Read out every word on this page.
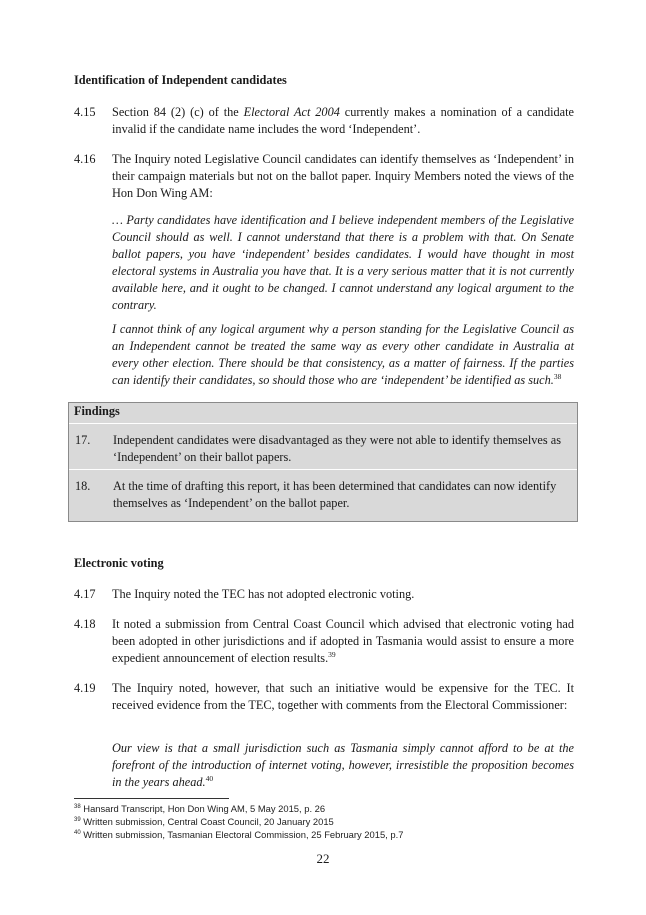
Identification of Independent candidates
4.15 Section 84 (2) (c) of the Electoral Act 2004 currently makes a nomination of a candidate invalid if the candidate name includes the word ‘Independent’.
4.16 The Inquiry noted Legislative Council candidates can identify themselves as ‘Independent’ in their campaign materials but not on the ballot paper. Inquiry Members noted the views of the Hon Don Wing AM:
… Party candidates have identification and I believe independent members of the Legislative Council should as well. I cannot understand that there is a problem with that. On Senate ballot papers, you have ‘independent’ besides candidates. I would have thought in most electoral systems in Australia you have that. It is a very serious matter that it is not currently available here, and it ought to be changed. I cannot understand any logical argument to the contrary.
I cannot think of any logical argument why a person standing for the Legislative Council as an Independent cannot be treated the same way as every other candidate in Australia at every other election. There should be that consistency, as a matter of fairness. If the parties can identify their candidates, so should those who are ‘independent’ be identified as such.$^{38}$
Findings
17. Independent candidates were disadvantaged as they were not able to identify themselves as ‘Independent’ on their ballot papers.
18. At the time of drafting this report, it has been determined that candidates can now identify themselves as ‘Independent’ on the ballot paper.
Electronic voting
4.17 The Inquiry noted the TEC has not adopted electronic voting.
4.18 It noted a submission from Central Coast Council which advised that electronic voting had been adopted in other jurisdictions and if adopted in Tasmania would assist to ensure a more expedient announcement of election results.$^{39}$
4.19 The Inquiry noted, however, that such an initiative would be expensive for the TEC. It received evidence from the TEC, together with comments from the Electoral Commissioner:
Our view is that a small jurisdiction such as Tasmania simply cannot afford to be at the forefront of the introduction of internet voting, however, irresistible the proposition becomes in the years ahead.$^{40}$
$^{38}$ Hansard Transcript, Hon Don Wing AM, 5 May 2015, p. 26
$^{39}$ Written submission, Central Coast Council, 20 January 2015
$^{40}$ Written submission, Tasmanian Electoral Commission, 25 February 2015, p.7
22
